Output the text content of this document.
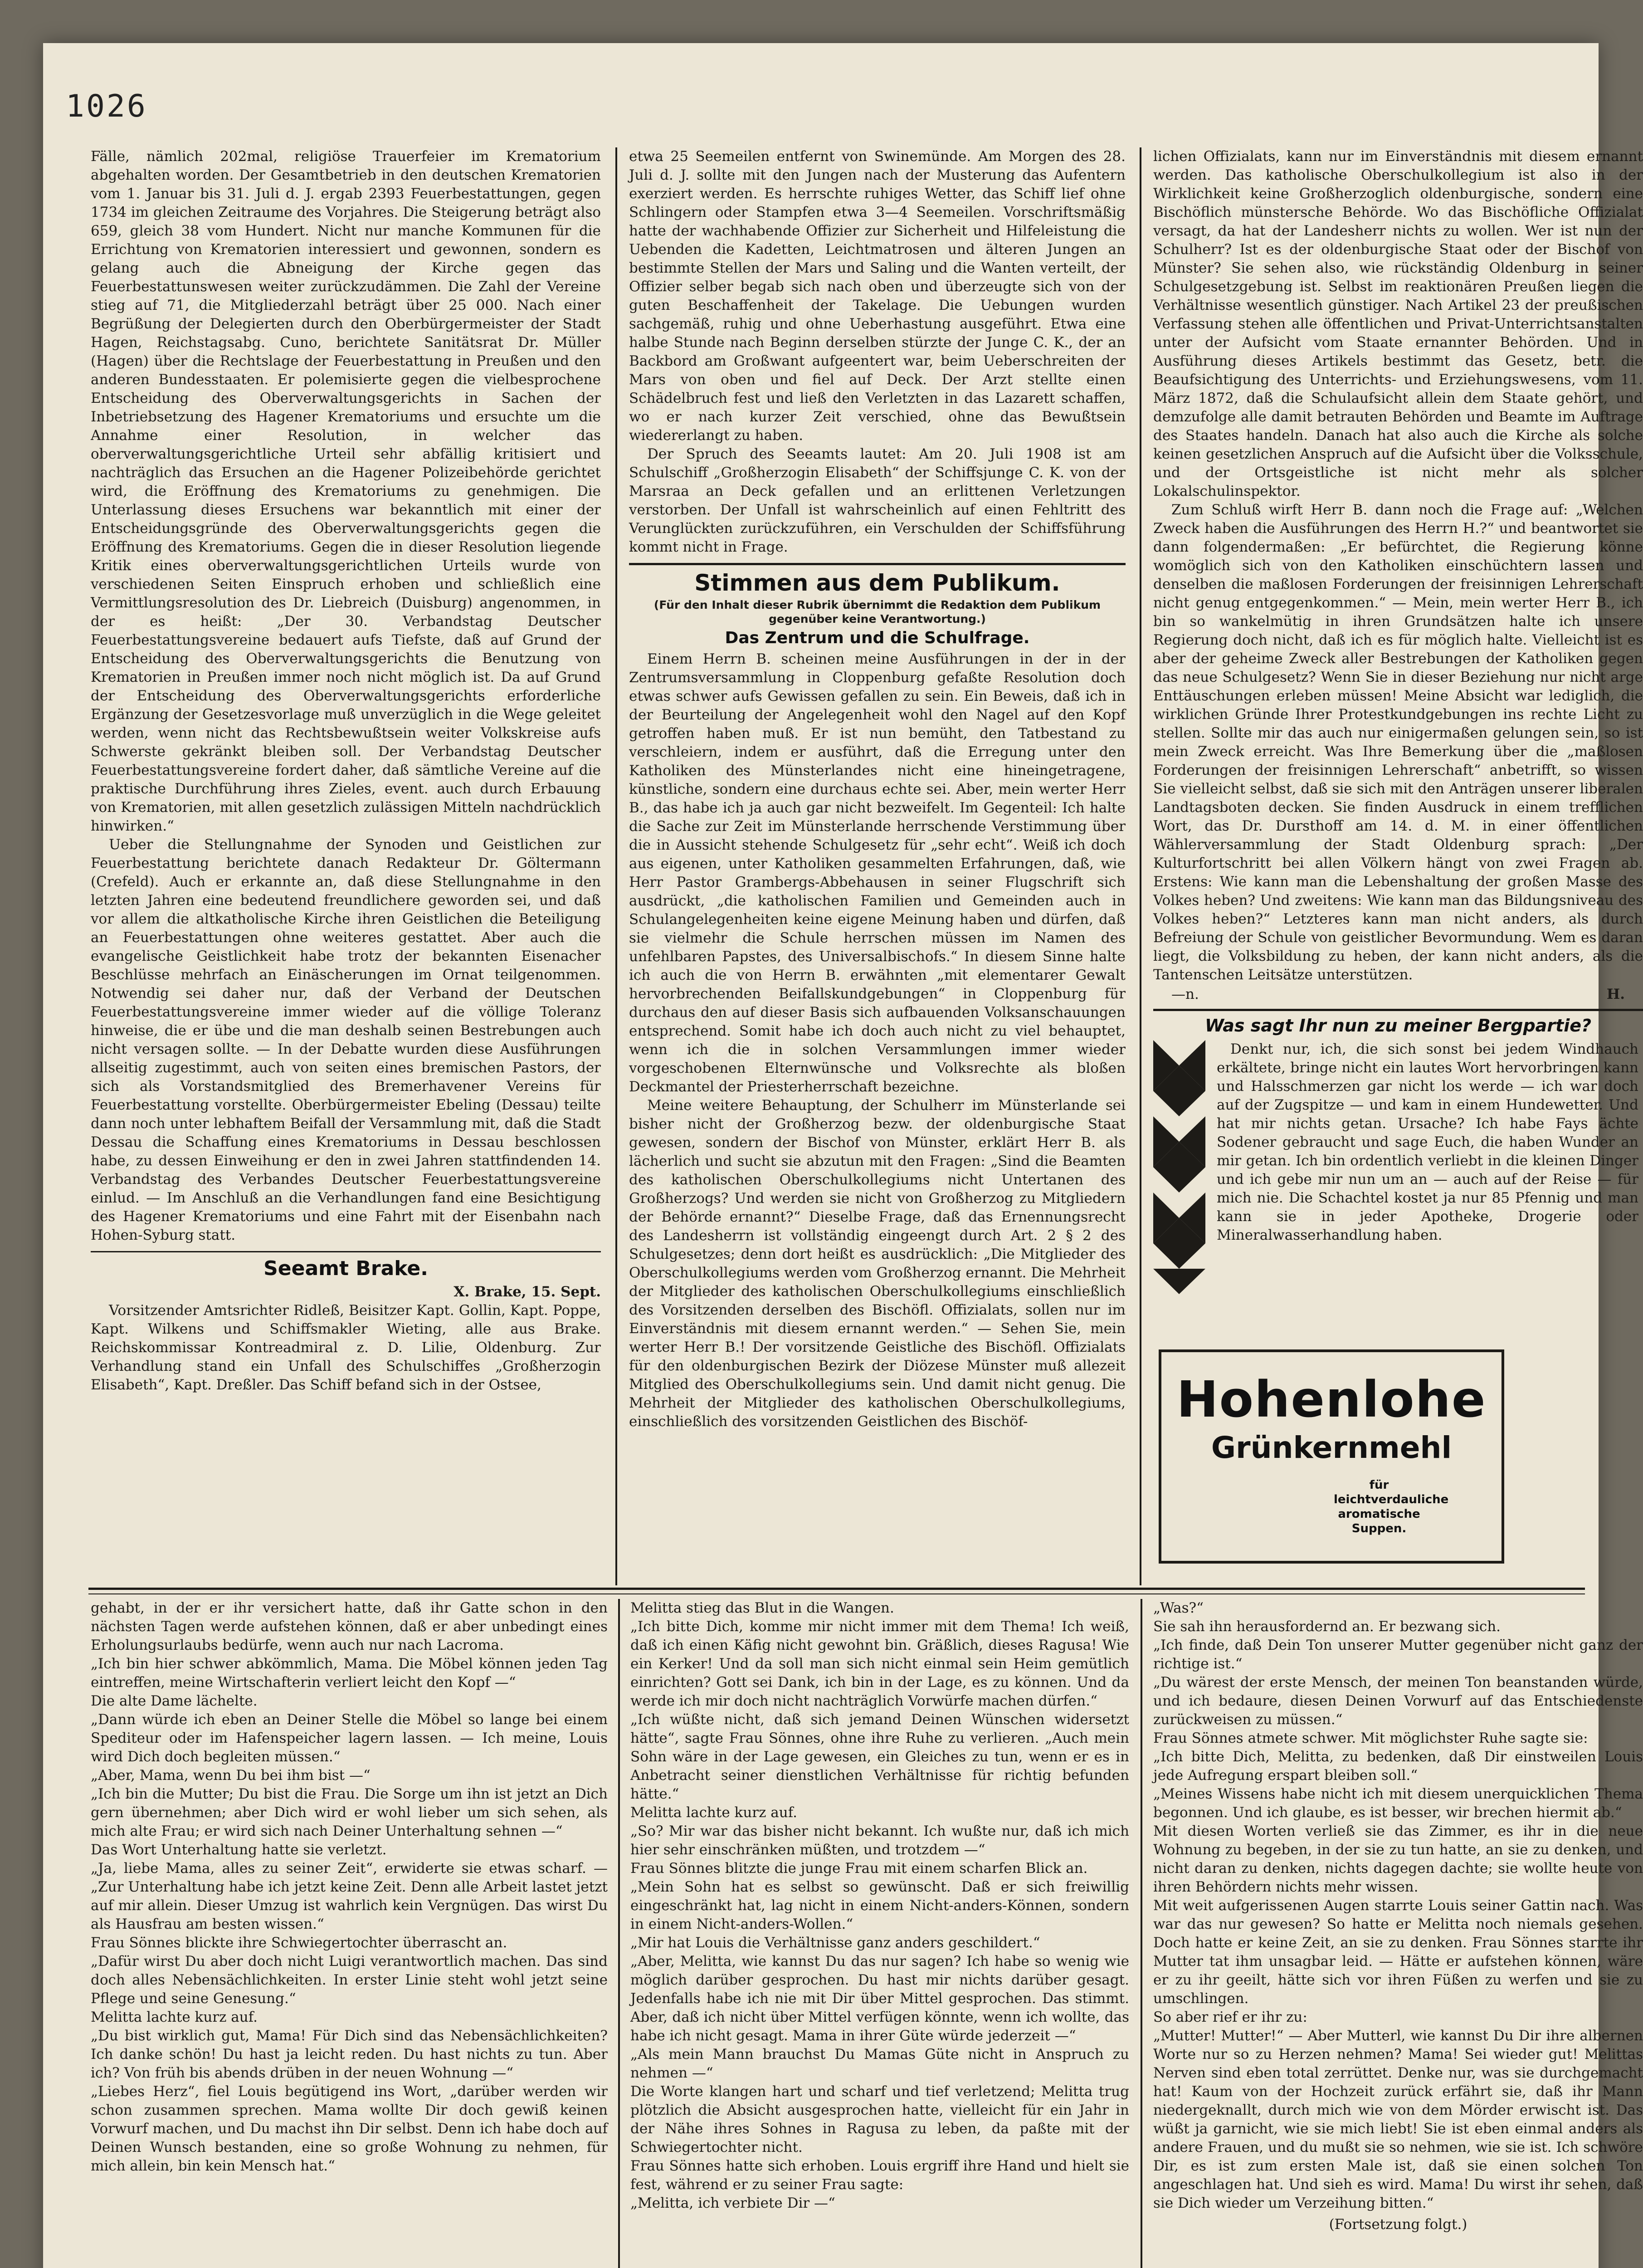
1026
Fälle, nämlich 202mal, religiöse Trauerfeier im Krematorium abgehalten worden. Der Gesamtbetrieb in den deutschen Krematorien vom 1. Januar bis 31. Juli d. J. ergab 2393 Feuerbestattungen, gegen 1734 im gleichen Zeitraume des Vorjahres. Die Steigerung beträgt also 659, gleich 38 vom Hundert. Nicht nur manche Kommunen für die Errichtung von Krematorien interessiert und gewonnen, sondern es gelang auch die Abneigung der Kirche gegen das Feuerbestattunswesen weiter zurückzudämmen. Die Zahl der Vereine stieg auf 71, die Mitgliederzahl beträgt über 25 000. Nach einer Begrüßung der Delegierten durch den Oberbürgermeister der Stadt Hagen, Reichstagsabg. Cuno, berichtete Sanitätsrat Dr. Müller (Hagen) über die Rechtslage der Feuerbestattung in Preußen und den anderen Bundesstaaten. Er polemisierte gegen die vielbesprochene Entscheidung des Oberverwaltungsgerichts in Sachen der Inbetriebsetzung des Hagener Krematoriums und ersuchte um die Annahme einer Resolution, in welcher das oberverwaltungsgerichtliche Urteil sehr abfällig kritisiert und nachträglich das Ersuchen an die Hagener Polizeibehörde gerichtet wird, die Eröffnung des Krematoriums zu genehmigen. Die Unterlassung dieses Ersuchens war bekanntlich mit einer der Entscheidungsgründe des Oberverwaltungsgerichts gegen die Eröffnung des Krematoriums. Gegen die in dieser Resolution liegende Kritik eines oberverwaltungsgerichtlichen Urteils wurde von verschiedenen Seiten Einspruch erhoben und schließlich eine Vermittlungsresolution des Dr. Liebreich (Duisburg) angenommen, in der es heißt: „Der 30. Verbandstag Deutscher Feuerbestattungsvereine bedauert aufs Tiefste, daß auf Grund der Entscheidung des Oberverwaltungsgerichts die Benutzung von Krematorien in Preußen immer noch nicht möglich ist. Da auf Grund der Entscheidung des Oberverwaltungsgerichts erforderliche Ergänzung der Gesetzesvorlage muß unverzüglich in die Wege geleitet werden, wenn nicht das Rechtsbewußtsein weiter Volkskreise aufs Schwerste gekränkt bleiben soll. Der Verbandstag Deutscher Feuerbestattungsvereine fordert daher, daß sämtliche Vereine auf die praktische Durchführung ihres Zieles, event. auch durch Erbauung von Krematorien, mit allen gesetzlich zulässigen Mitteln nachdrücklich hinwirken.“
Ueber die Stellungnahme der Synoden und Geistlichen zur Feuerbestattung berichtete danach Redakteur Dr. Göltermann (Crefeld). Auch er erkannte an, daß diese Stellungnahme in den letzten Jahren eine bedeutend freundlichere geworden sei, und daß vor allem die altkatholische Kirche ihren Geistlichen die Beteiligung an Feuerbestattungen ohne weiteres gestattet. Aber auch die evangelische Geistlichkeit habe trotz der bekannten Eisenacher Beschlüsse mehrfach an Einäscherungen im Ornat teilgenommen. Notwendig sei daher nur, daß der Verband der Deutschen Feuerbestattungsvereine immer wieder auf die völlige Toleranz hinweise, die er übe und die man deshalb seinen Bestrebungen auch nicht versagen sollte. — In der Debatte wurden diese Ausführungen allseitig zugestimmt, auch von seiten eines bremischen Pastors, der sich als Vorstandsmitglied des Bremerhavener Vereins für Feuerbestattung vorstellte. Oberbürgermeister Ebeling (Dessau) teilte dann noch unter lebhaftem Beifall der Versammlung mit, daß die Stadt Dessau die Schaffung eines Krematoriums in Dessau beschlossen habe, zu dessen Einweihung er den in zwei Jahren stattfindenden 14. Verbandstag des Verbandes Deutscher Feuerbestattungsvereine einlud. — Im Anschluß an die Verhandlungen fand eine Besichtigung des Hagener Krematoriums und eine Fahrt mit der Eisenbahn nach Hohen-Syburg statt.
Seeamt Brake.
X. Brake, 15. Sept.
Vorsitzender Amtsrichter Ridleß, Beisitzer Kapt. Gollin, Kapt. Poppe, Kapt. Wilkens und Schiffsmakler Wieting, alle aus Brake. Reichskommissar Kontreadmiral z. D. Lilie, Oldenburg. Zur Verhandlung stand ein Unfall des Schulschiffes „Großherzogin Elisabeth“, Kapt. Dreßler. Das Schiff befand sich in der Ostsee,
etwa 25 Seemeilen entfernt von Swinemünde. Am Morgen des 28. Juli d. J. sollte mit den Jungen nach der Musterung das Aufentern exerziert werden. Es herrschte ruhiges Wetter, das Schiff lief ohne Schlingern oder Stampfen etwa 3—4 Seemeilen. Vorschriftsmäßig hatte der wachhabende Offizier zur Sicherheit und Hilfeleistung die Uebenden die Kadetten, Leichtmatrosen und älteren Jungen an bestimmte Stellen der Mars und Saling und die Wanten verteilt, der Offizier selber begab sich nach oben und überzeugte sich von der guten Beschaffenheit der Takelage. Die Uebungen wurden sachgemäß, ruhig und ohne Ueberhastung ausgeführt. Etwa eine halbe Stunde nach Beginn derselben stürzte der Junge C. K., der an Backbord am Großwant aufgeentert war, beim Ueberschreiten der Mars von oben und fiel auf Deck. Der Arzt stellte einen Schädelbruch fest und ließ den Verletzten in das Lazarett schaffen, wo er nach kurzer Zeit verschied, ohne das Bewußtsein wiedererlangt zu haben.
Der Spruch des Seeamts lautet: Am 20. Juli 1908 ist am Schulschiff „Großherzogin Elisabeth“ der Schiffsjunge C. K. von der Marsraa an Deck gefallen und an erlittenen Verletzungen verstorben. Der Unfall ist wahrscheinlich auf einen Fehltritt des Verunglückten zurückzuführen, ein Verschulden der Schiffsführung kommt nicht in Frage.
Stimmen aus dem Publikum.
(Für den Inhalt dieser Rubrik übernimmt die Redaktion dem Publikum gegenüber keine Verantwortung.)
Das Zentrum und die Schulfrage.
Einem Herrn B. scheinen meine Ausführungen in der in der Zentrumsversammlung in Cloppenburg gefaßte Resolution doch etwas schwer aufs Gewissen gefallen zu sein. Ein Beweis, daß ich in der Beurteilung der Angelegenheit wohl den Nagel auf den Kopf getroffen haben muß. Er ist nun bemüht, den Tatbestand zu verschleiern, indem er ausführt, daß die Erregung unter den Katholiken des Münsterlandes nicht eine hineingetragene, künstliche, sondern eine durchaus echte sei. Aber, mein werter Herr B., das habe ich ja auch gar nicht bezweifelt. Im Gegenteil: Ich halte die Sache zur Zeit im Münsterlande herrschende Verstimmung über die in Aussicht stehende Schulgesetz für „sehr echt“. Weiß ich doch aus eigenen, unter Katholiken gesammelten Erfahrungen, daß, wie Herr Pastor Grambergs-Abbehausen in seiner Flugschrift sich ausdrückt, „die katholischen Familien und Gemeinden auch in Schulangelegenheiten keine eigene Meinung haben und dürfen, daß sie vielmehr die Schule herrschen müssen im Namen des unfehlbaren Papstes, des Universalbischofs.“ In diesem Sinne halte ich auch die von Herrn B. erwähnten „mit elementarer Gewalt hervorbrechenden Beifallskundgebungen“ in Cloppenburg für durchaus den auf dieser Basis sich aufbauenden Volksanschauungen entsprechend. Somit habe ich doch auch nicht zu viel behauptet, wenn ich die in solchen Versammlungen immer wieder vorgeschobenen Elternwünsche und Volksrechte als bloßen Deckmantel der Priesterherrschaft bezeichne.
Meine weitere Behauptung, der Schulherr im Münsterlande sei bisher nicht der Großherzog bezw. der oldenburgische Staat gewesen, sondern der Bischof von Münster, erklärt Herr B. als lächerlich und sucht sie abzutun mit den Fragen: „Sind die Beamten des katholischen Oberschulkollegiums nicht Untertanen des Großherzogs? Und werden sie nicht von Großherzog zu Mitgliedern der Behörde ernannt?“ Dieselbe Frage, daß das Ernennungsrecht des Landesherrn ist vollständig eingeengt durch Art. 2 § 2 des Schulgesetzes; denn dort heißt es ausdrücklich: „Die Mitglieder des Oberschulkollegiums werden vom Großherzog ernannt. Die Mehrheit der Mitglieder des katholischen Oberschulkollegiums einschließlich des Vorsitzenden derselben des Bischöfl. Offizialats, sollen nur im Einverständnis mit diesem ernannt werden.“ — Sehen Sie, mein werter Herr B.! Der vorsitzende Geistliche des Bischöfl. Offizialats für den oldenburgischen Bezirk der Diözese Münster muß allezeit Mitglied des Oberschulkollegiums sein. Und damit nicht genug. Die Mehrheit der Mitglieder des katholischen Oberschulkollegiums, einschließlich des vorsitzenden Geistlichen des Bischöf-
lichen Offizialats, kann nur im Einverständnis mit diesem ernannt werden. Das katholische Oberschulkollegium ist also in der Wirklichkeit keine Großherzoglich oldenburgische, sondern eine Bischöflich münstersche Behörde. Wo das Bischöfliche Offizialat versagt, da hat der Landesherr nichts zu wollen. Wer ist nun der Schulherr? Ist es der oldenburgische Staat oder der Bischof von Münster? Sie sehen also, wie rückständig Oldenburg in seiner Schulgesetzgebung ist. Selbst im reaktionären Preußen liegen die Verhältnisse wesentlich günstiger. Nach Artikel 23 der preußischen Verfassung stehen alle öffentlichen und Privat-Unterrichtsanstalten unter der Aufsicht vom Staate ernannter Behörden. Und in Ausführung dieses Artikels bestimmt das Gesetz, betr. die Beaufsichtigung des Unterrichts- und Erziehungswesens, vom 11. März 1872, daß die Schulaufsicht allein dem Staate gehört, und demzufolge alle damit betrauten Behörden und Beamte im Auftrage des Staates handeln. Danach hat also auch die Kirche als solche keinen gesetzlichen Anspruch auf die Aufsicht über die Volksschule, und der Ortsgeistliche ist nicht mehr als solcher Lokalschulinspektor.
Zum Schluß wirft Herr B. dann noch die Frage auf: „Welchen Zweck haben die Ausführungen des Herrn H.?“ und beantwortet sie dann folgendermaßen: „Er befürchtet, die Regierung könne womöglich sich von den Katholiken einschüchtern lassen und denselben die maßlosen Forderungen der freisinnigen Lehrerschaft nicht genug entgegenkommen.“ — Mein, mein werter Herr B., ich bin so wankelmütig in ihren Grundsätzen halte ich unsere Regierung doch nicht, daß ich es für möglich halte. Vielleicht ist es aber der geheime Zweck aller Bestrebungen der Katholiken gegen das neue Schulgesetz? Wenn Sie in dieser Beziehung nur nicht arge Enttäuschungen erleben müssen! Meine Absicht war lediglich, die wirklichen Gründe Ihrer Protestkundgebungen ins rechte Licht zu stellen. Sollte mir das auch nur einigermaßen gelungen sein, so ist mein Zweck erreicht. Was Ihre Bemerkung über die „maßlosen Forderungen der freisinnigen Lehrerschaft“ anbetrifft, so wissen Sie vielleicht selbst, daß sie sich mit den Anträgen unserer liberalen Landtagsboten decken. Sie finden Ausdruck in einem trefflichen Wort, das Dr. Dursthoff am 14. d. M. in einer öffentlichen Wählerversammlung der Stadt Oldenburg sprach: „Der Kulturfortschritt bei allen Völkern hängt von zwei Fragen ab. Erstens: Wie kann man die Lebenshaltung der großen Masse des Volkes heben? Und zweitens: Wie kann man das Bildungsniveau des Volkes heben?“ Letzteres kann man nicht anders, als durch Befreiung der Schule von geistlicher Bevormundung. Wem es daran liegt, die Volksbildung zu heben, der kann nicht anders, als die Tantenschen Leitsätze unterstützen.
—n.	H.
Was sagt Ihr nun zu meiner Bergpartie?
Denkt nur, ich, die sich sonst bei jedem Windhauch erkältete, bringe nicht ein lautes Wort hervorbringen kann und Halsschmerzen gar nicht los werde — ich war doch auf der Zugspitze — und kam in einem Hundewetter. Und hat mir nichts getan. Ursache? Ich habe Fays ächte Sodener gebraucht und sage Euch, die haben Wunder an mir getan. Ich bin ordentlich verliebt in die kleinen Dinger und ich gebe mir nun um an — auch auf der Reise — für mich nie. Die Schachtel kostet ja nur 85 Pfennig und man kann sie in jeder Apotheke, Drogerie oder Mineralwasserhandlung haben.
Hohenlohe
Grünkernmehl
für leichtverdauliche aromatische Suppen.
gehabt, in der er ihr versichert hatte, daß ihr Gatte schon in den nächsten Tagen werde aufstehen können, daß er aber unbedingt eines Erholungsurlaubs bedürfe, wenn auch nur nach Lacroma.
„Ich bin hier schwer abkömmlich, Mama. Die Möbel können jeden Tag eintreffen, meine Wirtschafterin verliert leicht den Kopf —“
Die alte Dame lächelte.
„Dann würde ich eben an Deiner Stelle die Möbel so lange bei einem Spediteur oder im Hafenspeicher lagern lassen. — Ich meine, Louis wird Dich doch begleiten müssen.“
„Aber, Mama, wenn Du bei ihm bist —“
„Ich bin die Mutter; Du bist die Frau. Die Sorge um ihn ist jetzt an Dich gern übernehmen; aber Dich wird er wohl lieber um sich sehen, als mich alte Frau; er wird sich nach Deiner Unterhaltung sehnen —“
Das Wort Unterhaltung hatte sie verletzt.
„Ja, liebe Mama, alles zu seiner Zeit“, erwiderte sie etwas scharf. — „Zur Unterhaltung habe ich jetzt keine Zeit. Denn alle Arbeit lastet jetzt auf mir allein. Dieser Umzug ist wahrlich kein Vergnügen. Das wirst Du als Hausfrau am besten wissen.“
Frau Sönnes blickte ihre Schwiegertochter überrascht an.
„Dafür wirst Du aber doch nicht Luigi verantwortlich machen. Das sind doch alles Nebensächlichkeiten. In erster Linie steht wohl jetzt seine Pflege und seine Genesung.“
Melitta lachte kurz auf.
„Du bist wirklich gut, Mama! Für Dich sind das Nebensächlichkeiten? Ich danke schön! Du hast ja leicht reden. Du hast nichts zu tun. Aber ich? Von früh bis abends drüben in der neuen Wohnung —“
„Liebes Herz“, fiel Louis begütigend ins Wort, „darüber werden wir schon zusammen sprechen. Mama wollte Dir doch gewiß keinen Vorwurf machen, und Du machst ihn Dir selbst. Denn ich habe doch auf Deinen Wunsch bestanden, eine so große Wohnung zu nehmen, für mich allein, bin kein Mensch hat.“
Melitta stieg das Blut in die Wangen.
„Ich bitte Dich, komme mir nicht immer mit dem Thema! Ich weiß, daß ich einen Käfig nicht gewohnt bin. Gräßlich, dieses Ragusa! Wie ein Kerker! Und da soll man sich nicht einmal sein Heim gemütlich einrichten? Gott sei Dank, ich bin in der Lage, es zu können. Und da werde ich mir doch nicht nachträglich Vorwürfe machen dürfen.“
„Ich wüßte nicht, daß sich jemand Deinen Wünschen widersetzt hätte“, sagte Frau Sönnes, ohne ihre Ruhe zu verlieren. „Auch mein Sohn wäre in der Lage gewesen, ein Gleiches zu tun, wenn er es in Anbetracht seiner dienstlichen Verhältnisse für richtig befunden hätte.“
Melitta lachte kurz auf.
„So? Mir war das bisher nicht bekannt. Ich wußte nur, daß ich mich hier sehr einschränken müßten, und trotzdem —“
Frau Sönnes blitzte die junge Frau mit einem scharfen Blick an.
„Mein Sohn hat es selbst so gewünscht. Daß er sich freiwillig eingeschränkt hat, lag nicht in einem Nicht-anders-Können, sondern in einem Nicht-anders-Wollen.“
„Mir hat Louis die Verhältnisse ganz anders geschildert.“
„Aber, Melitta, wie kannst Du das nur sagen? Ich habe so wenig wie möglich darüber gesprochen. Du hast mir nichts darüber gesagt. Jedenfalls habe ich nie mit Dir über Mittel gesprochen. Das stimmt. Aber, daß ich nicht über Mittel verfügen könnte, wenn ich wollte, das habe ich nicht gesagt. Mama in ihrer Güte würde jederzeit —“
„Als mein Mann brauchst Du Mamas Güte nicht in Anspruch zu nehmen —“
Die Worte klangen hart und scharf und tief verletzend; Melitta trug plötzlich die Absicht ausgesprochen hatte, vielleicht für ein Jahr in der Nähe ihres Sohnes in Ragusa zu leben, da paßte mit der Schwiegertochter nicht.
Frau Sönnes hatte sich erhoben. Louis ergriff ihre Hand und hielt sie fest, während er zu seiner Frau sagte:
„Melitta, ich verbiete Dir —“
„Was?“
Sie sah ihn herausfordernd an. Er bezwang sich.
„Ich finde, daß Dein Ton unserer Mutter gegenüber nicht ganz der richtige ist.“
„Du wärest der erste Mensch, der meinen Ton beanstanden würde, und ich bedaure, diesen Deinen Vorwurf auf das Entschiedenste zurückweisen zu müssen.“
Frau Sönnes atmete schwer. Mit möglichster Ruhe sagte sie:
„Ich bitte Dich, Melitta, zu bedenken, daß Dir einstweilen Louis jede Aufregung erspart bleiben soll.“
„Meines Wissens habe nicht ich mit diesem unerquicklichen Thema begonnen. Und ich glaube, es ist besser, wir brechen hiermit ab.“
Mit diesen Worten verließ sie das Zimmer, es ihr in die neue Wohnung zu begeben, in der sie zu tun hatte, an sie zu denken, und nicht daran zu denken, nichts dagegen dachte; sie wollte heute von ihren Behördern nichts mehr wissen.
Mit weit aufgerissenen Augen starrte Louis seiner Gattin nach. Was war das nur gewesen? So hatte er Melitta noch niemals gesehen. Doch hatte er keine Zeit, an sie zu denken. Frau Sönnes starrte ihr Mutter tat ihm unsagbar leid. — Hätte er aufstehen können, wäre er zu ihr geeilt, hätte sich vor ihren Füßen zu werfen und sie zu umschlingen.
So aber rief er ihr zu:
„Mutter! Mutter!“ — Aber Mutterl, wie kannst Du Dir ihre albernen Worte nur so zu Herzen nehmen? Mama! Sei wieder gut! Melittas Nerven sind eben total zerrüttet. Denke nur, was sie durchgemacht hat! Kaum von der Hochzeit zurück erfährt sie, daß ihr Mann niedergeknallt, durch mich wie von dem Mörder erwischt ist. Das wüßt ja garnicht, wie sie mich liebt! Sie ist eben einmal anders als andere Frauen, und du mußt sie so nehmen, wie sie ist. Ich schwöre Dir, es ist zum ersten Male ist, daß sie einen solchen Ton angeschlagen hat. Und sieh es wird. Mama! Du wirst ihr sehen, daß sie Dich wieder um Verzeihung bitten.“
(Fortsetzung folgt.)
